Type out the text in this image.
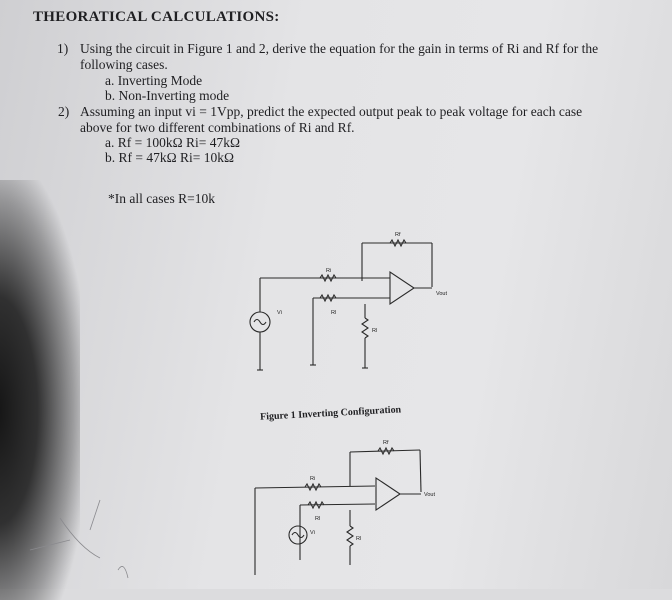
THEORATICAL CALCULATIONS:
1) Using the circuit in Figure 1 and 2, derive the equation for the gain in terms of Ri and Rf for the
following cases.
a. Inverting Mode
b. Non-Inverting mode
2) Assuming an input vi = 1Vpp, predict the expected output peak to peak voltage for each case
above for two different combinations of Ri and Rf.
a. Rf = 100kΩ Ri= 47kΩ
b. Rf = 47kΩ Ri= 10kΩ
*In all cases R=10k
Rf
Ri
Rl
Vi
Vout
Rl
Figure 1 Inverting Configuration
Rf
Ri
Rl
Vi
Vout
Rl
